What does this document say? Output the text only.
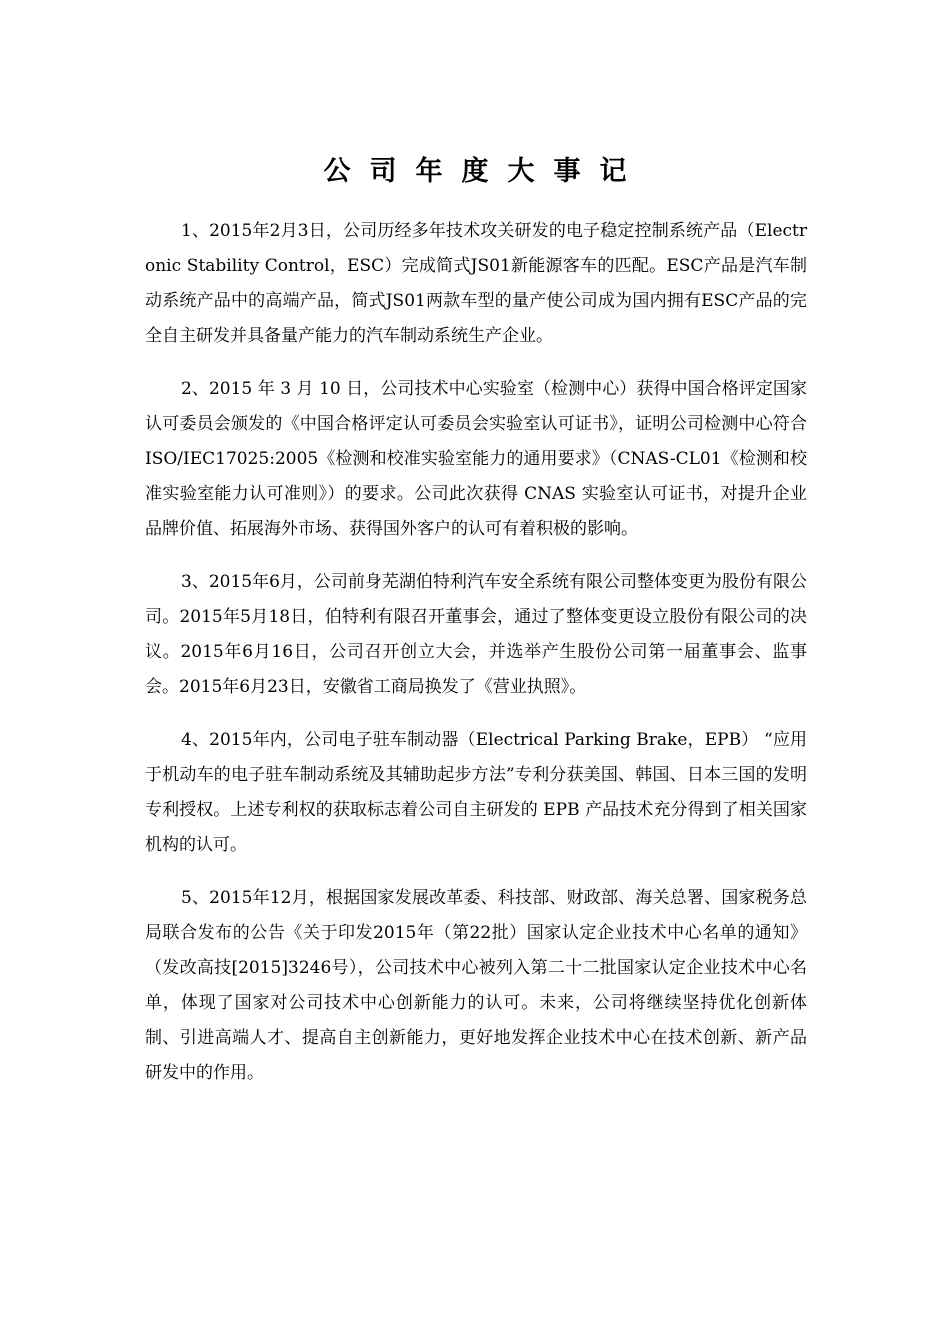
公司年度大事记

1、2015年2月3日，公司历经多年技术攻关研发的电子稳定控制系统产品（Electronic Stability Control，ESC）完成简式JS01新能源客车的匹配。ESC产品是汽车制动系统产品中的高端产品，简式JS01两款车型的量产使公司成为国内拥有ESC产品的完全自主研发并具备量产能力的汽车制动系统生产企业。

2、2015 年 3 月 10 日，公司技术中心实验室（检测中心）获得中国合格评定国家认可委员会颁发的《中国合格评定认可委员会实验室认可证书》，证明公司检测中心符合 ISO/IEC17025:2005《检测和校准实验室能力的通用要求》（CNAS-CL01《检测和校准实验室能力认可准则》）的要求。公司此次获得 CNAS 实验室认可证书，对提升企业品牌价值、拓展海外市场、获得国外客户的认可有着积极的影响。

3、2015年6月，公司前身芜湖伯特利汽车安全系统有限公司整体变更为股份有限公司。2015年5月18日，伯特利有限召开董事会，通过了整体变更设立股份有限公司的决议。2015年6月16日，公司召开创立大会，并选举产生股份公司第一届董事会、监事会。2015年6月23日，安徽省工商局换发了《营业执照》。

4、2015年内，公司电子驻车制动器（Electrical Parking Brake，EPB） “应用于机动车的电子驻车制动系统及其辅助起步方法”专利分获美国、韩国、日本三国的发明专利授权。上述专利权的获取标志着公司自主研发的 EPB 产品技术充分得到了相关国家机构的认可。

5、2015年12月，根据国家发展改革委、科技部、财政部、海关总署、国家税务总局联合发布的公告《关于印发2015年（第22批）国家认定企业技术中心名单的通知》（发改高技[2015]3246号），公司技术中心被列入第二十二批国家认定企业技术中心名单，体现了国家对公司技术中心创新能力的认可。未来，公司将继续坚持优化创新体制、引进高端人才、提高自主创新能力，更好地发挥企业技术中心在技术创新、新产品研发中的作用。
